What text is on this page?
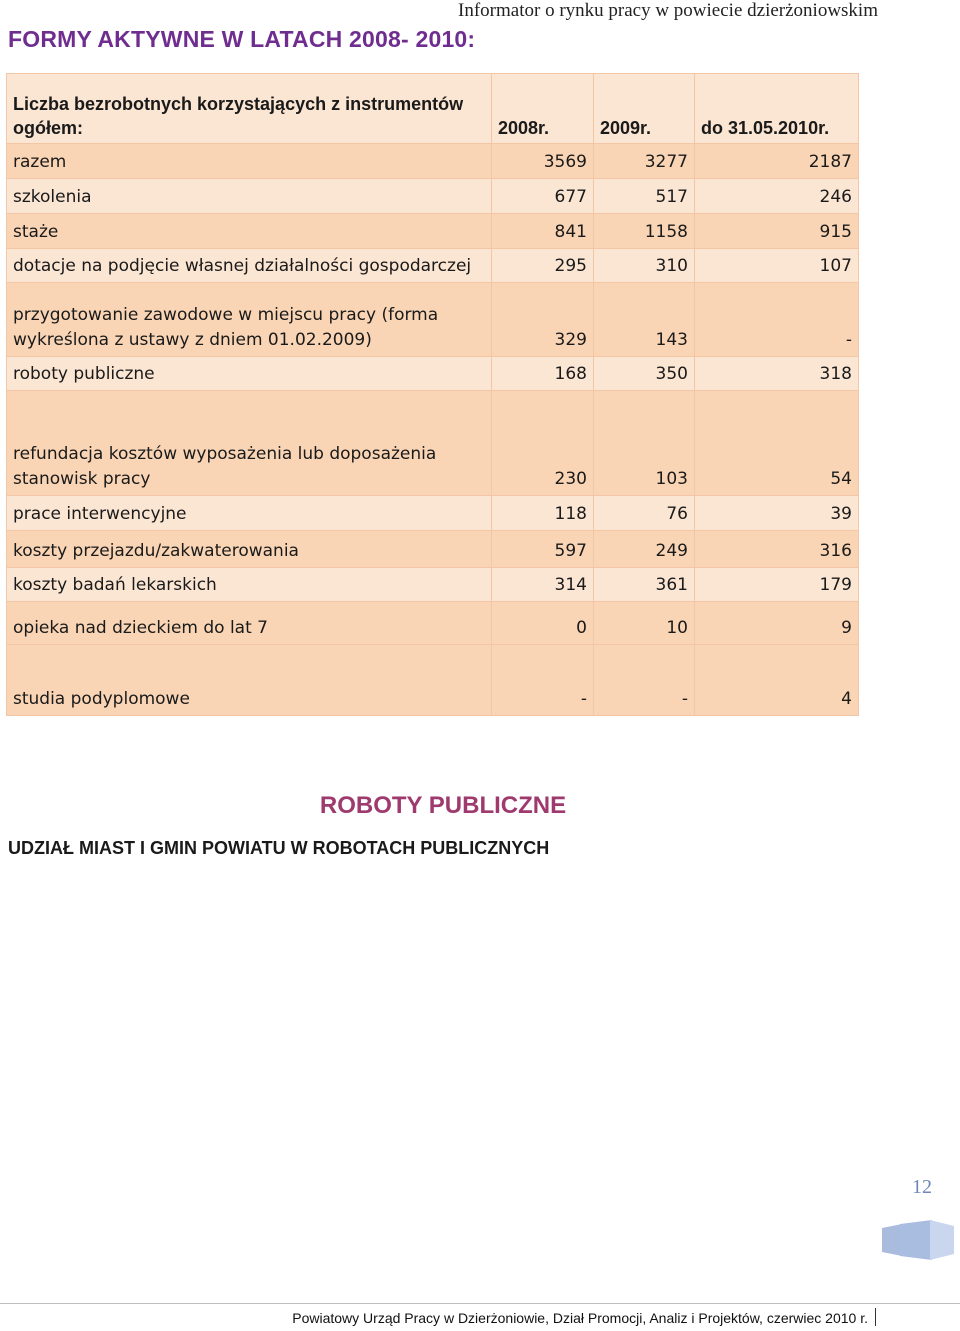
Informator o rynku pracy w powiecie dzierżoniowskim
FORMY AKTYWNE W LATACH 2008- 2010:
Liczba bezrobotnych korzystających z instrumentów ogółem:	2008r.	2009r.	do 31.05.2010r.
razem	3569	3277	2187
szkolenia	677	517	246
staże	841	1158	915
dotacje na podjęcie własnej działalności gospodarczej	295	310	107
przygotowanie zawodowe w miejscu pracy (forma wykreślona z ustawy z dniem 01.02.2009)	329	143	-
roboty publiczne	168	350	318
refundacja kosztów wyposażenia lub doposażenia stanowisk pracy	230	103	54
prace interwencyjne	118	76	39
koszty przejazdu/zakwaterowania	597	249	316
koszty badań lekarskich	314	361	179
opieka nad dzieckiem do lat 7	0	10	9
studia podyplomowe	-	-	4
ROBOTY PUBLICZNE
UDZIAŁ MIAST I GMIN POWIATU W ROBOTACH PUBLICZNYCH
12
Powiatowy Urząd Pracy w Dzierżoniowie, Dział Promocji, Analiz i Projektów, czerwiec 2010 r.
